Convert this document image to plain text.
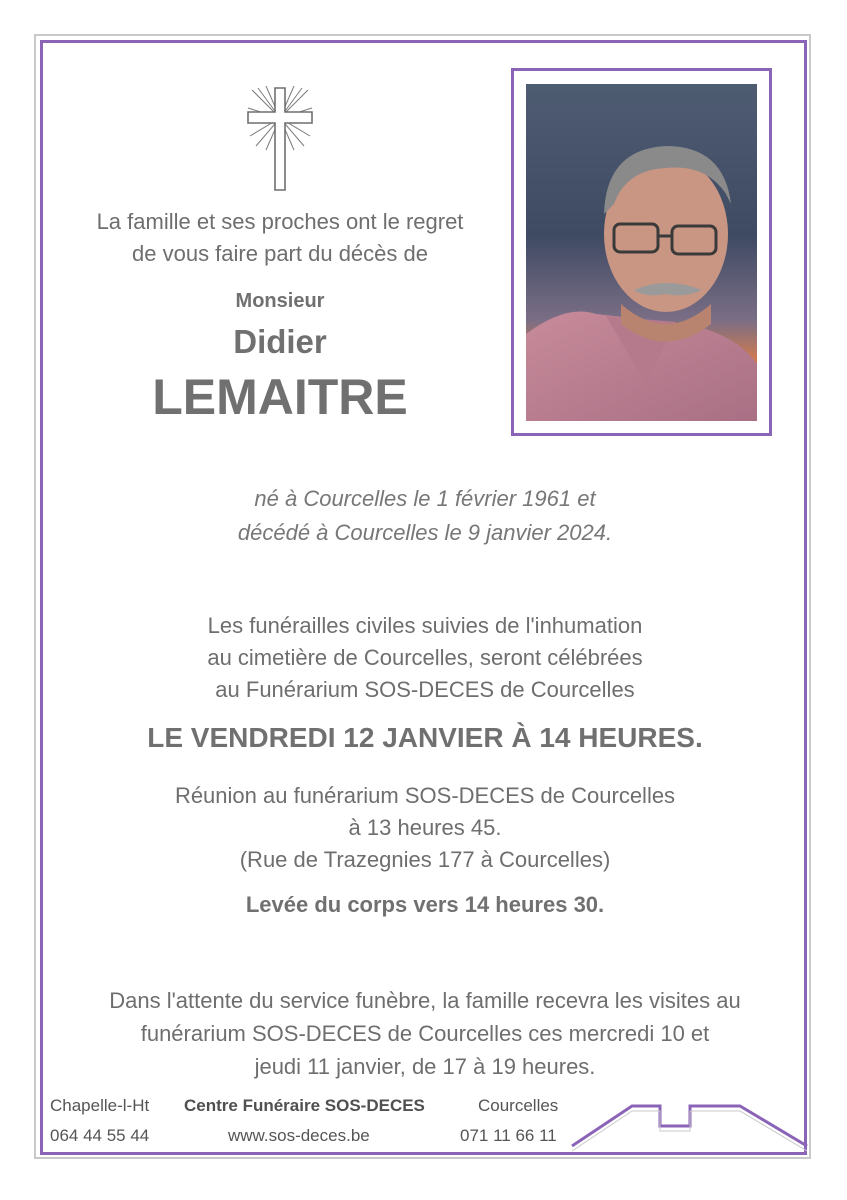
La famille et ses proches ont le regret
de vous faire part du décès de
Monsieur
Didier
LEMAITRE
né à Courcelles le 1 février 1961 et
décédé à Courcelles le 9 janvier 2024.
Les funérailles civiles suivies de l'inhumation
au cimetière de Courcelles, seront célébrées
au Funérarium SOS-DECES de Courcelles
LE VENDREDI 12 JANVIER À 14 HEURES.
Réunion au funérarium SOS-DECES de Courcelles
à 13 heures 45.
(Rue de Trazegnies 177 à Courcelles)
Levée du corps vers 14 heures 30.
Dans l'attente du service funèbre, la famille recevra les visites au
funérarium SOS-DECES de Courcelles ces mercredi 10 et
jeudi 11 janvier, de 17 à 19 heures.
Chapelle-l-Ht
064 44 55 44
Centre Funéraire SOS-DECES
www.sos-deces.be
Courcelles
071 11 66 11
